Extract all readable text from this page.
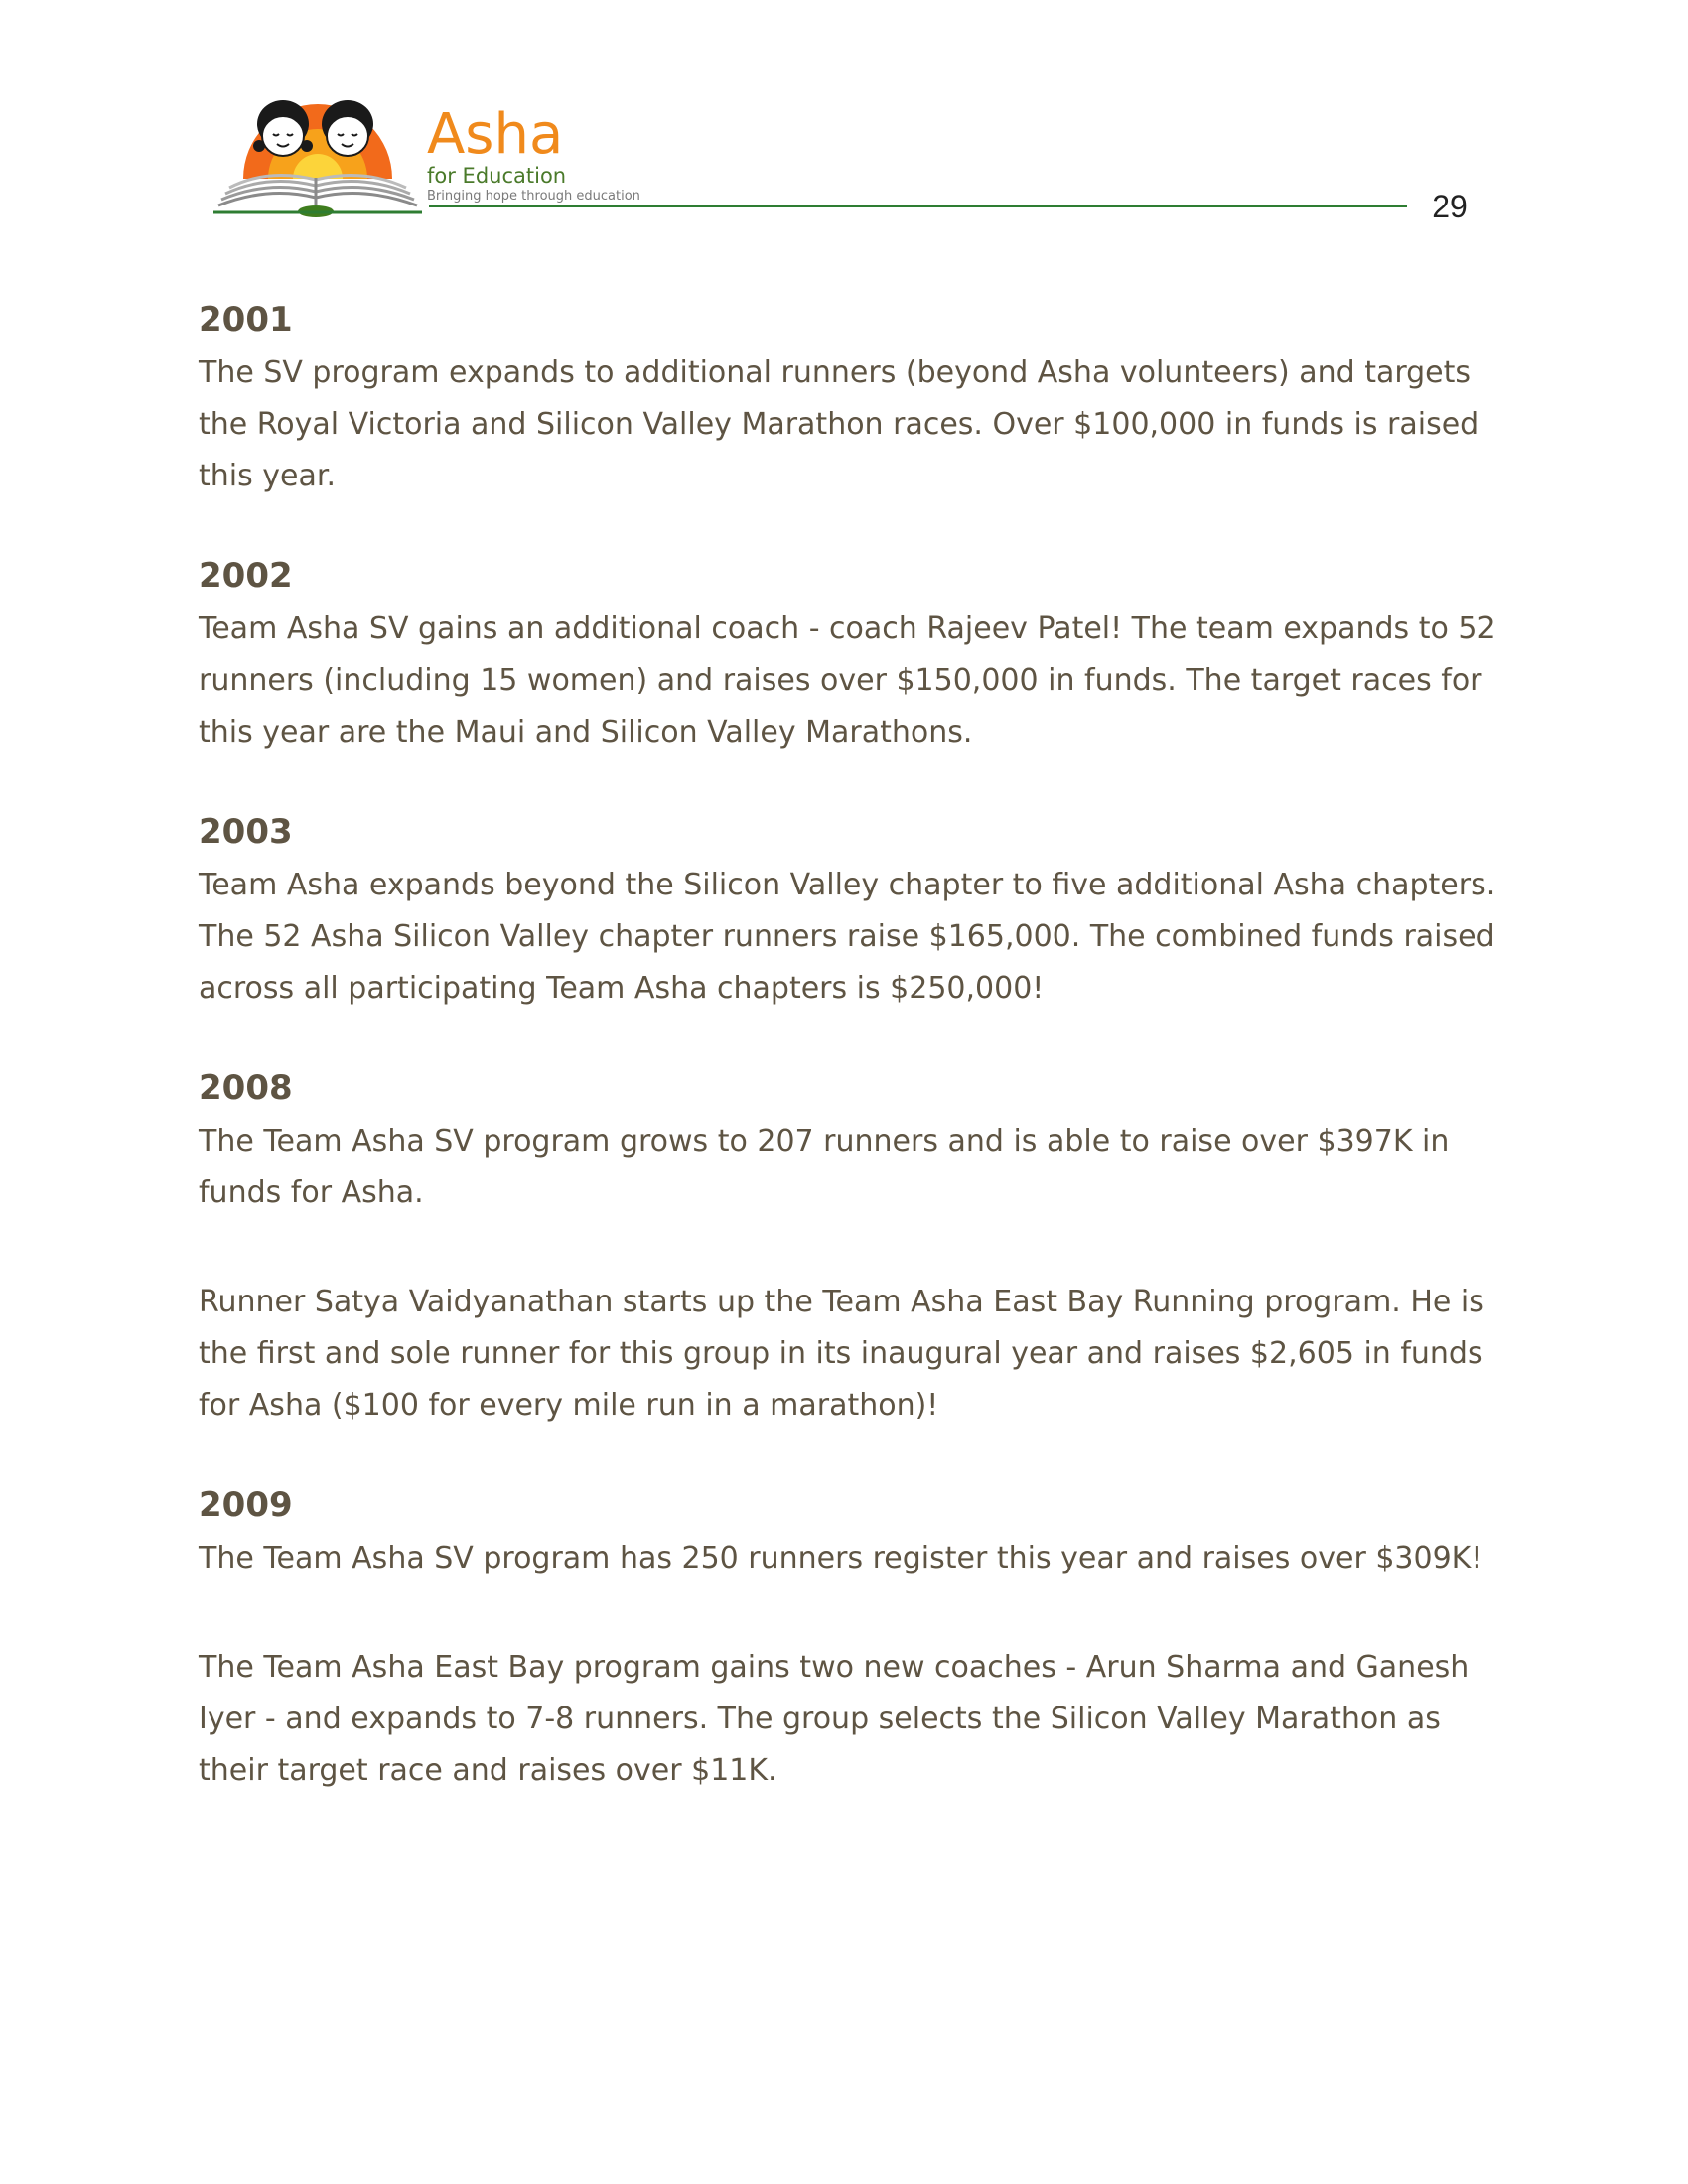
Asha
for Education
Bringing hope through education	29
2001

The SV program expands to additional runners (beyond Asha volunteers) and targets the Royal Victoria and Silicon Valley Marathon races. Over $100,000 in funds is raised this year.

2002

Team Asha SV gains an additional coach - coach Rajeev Patel! The team expands to 52 runners (including 15 women) and raises over $150,000 in funds. The target races for this year are the Maui and Silicon Valley Marathons.

2003

Team Asha expands beyond the Silicon Valley chapter to five additional Asha chapters. The 52 Asha Silicon Valley chapter runners raise $165,000. The combined funds raised across all participating Team Asha chapters is $250,000!

2008

The Team Asha SV program grows to 207 runners and is able to raise over $397K in funds for Asha.

Runner Satya Vaidyanathan starts up the Team Asha East Bay Running program. He is the first and sole runner for this group in its inaugural year and raises $2,605 in funds for Asha ($100 for every mile run in a marathon)!

2009

The Team Asha SV program has 250 runners register this year and raises over $309K!

The Team Asha East Bay program gains two new coaches - Arun Sharma and Ganesh Iyer - and expands to 7-8 runners. The group selects the Silicon Valley Marathon as their target race and raises over $11K.
